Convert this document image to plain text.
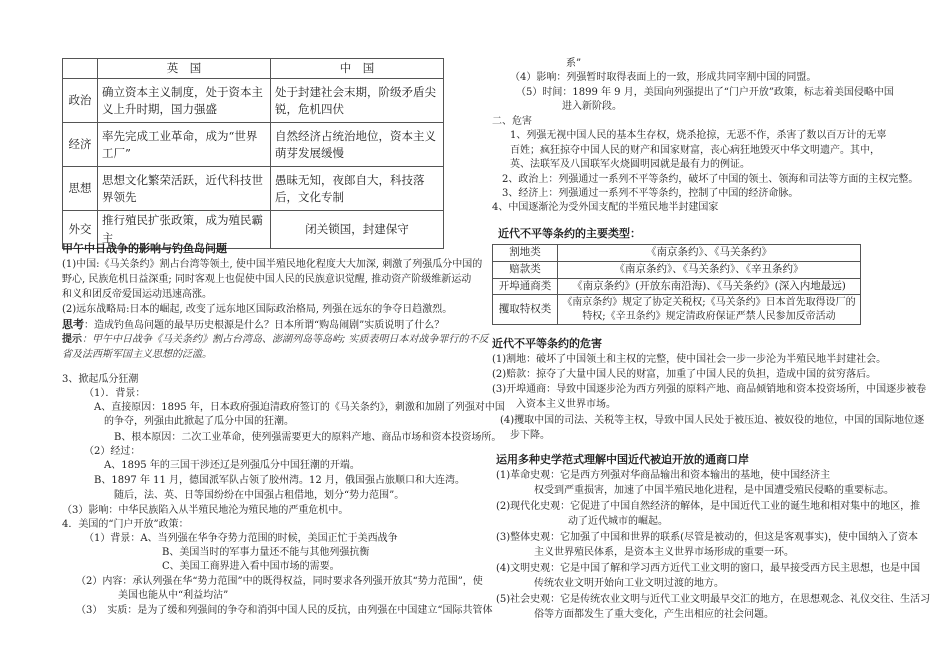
	英　国	中　国
政治	确立资本主义制度，处于资本主义上升时期，国力强盛	处于封建社会末期，阶级矛盾尖锐，危机四伏
经济	率先完成工业革命，成为“世界工厂”	自然经济占统治地位，资本主义萌芽发展缓慢
思想	思想文化繁荣活跃，近代科技世界领先	愚昧无知，夜郎自大，科技落后，文化专制
外交	推行殖民扩张政策，成为殖民霸主	闭关锁国，封建保守
甲午中日战争的影响与钓鱼岛问题
(1)中国:《马关条约》割占台湾等领土, 使中国半殖民地化程度大大加深, 刺激了列强瓜分中国的
野心, 民族危机日益深重; 同时客观上也促使中国人民的民族意识觉醒, 推动资产阶级维新运动
和义和团反帝爱国运动迅速高涨。
(2)远东战略局:日本的崛起, 改变了远东地区国际政治格局, 列强在远东的争夺日趋激烈。
思考：造成钓鱼岛问题的最早历史根源是什么？日本所谓“购岛闹剧”实质说明了什么？
提示：甲午中日战争《马关条约》割占台湾岛、澎湖列岛等岛屿; 实质表明日本对战争罪行的不反
省及法西斯军国主义思想的泛滥。
3、掀起瓜分狂潮
（1）．背景：
A、直接原因：1895 年，日本政府强迫清政府签订的《马关条约》，刺激和加剧了列强对中国
的争夺，列强由此掀起了瓜分中国的狂潮。
B、根本原因：二次工业革命，使列强需要更大的原料产地、商品市场和资本投资场所。
（2）经过：
A、1895 年的三国干涉还辽是列强瓜分中国狂潮的开端。
B、1897 年 11 月，德国派军队占领了胶州湾。12 月，俄国强占旅顺口和大连湾。
随后，法、英、日等国纷纷在中国强占租借地，划分“势力范围”。
（3）影响：中华民族陷入从半殖民地沦为殖民地的严重危机中。
4．美国的“门户开放”政策：
（1）背景：A、当列强在华争夺势力范围的时候，美国正忙于美西战争
B、美国当时的军事力量还不能与其他列强抗衡
C、美国工商界进入看中国市场的需要。
（2）内容：承认列强在华“势力范围”中的既得权益，同时要求各列强开放其“势力范围”，使
美国也能从中“利益均沾”
（3）　实质：是为了缓和列强间的争夺和消弭中国人民的反抗，由列强在中国建立“国际共管体
系”
（4）影响：列强暂时取得表面上的一致，形成共同宰割中国的同盟。
（5）时间：1899 年 9 月，美国向列强提出了“门户开放”政策，标志着美国侵略中国
进入新阶段。
二、危害
1、列强无视中国人民的基本生存权，烧杀抢掠，无恶不作，杀害了数以百万计的无辜
百姓；疯狂掠夺中国人民的财产和国家财富，丧心病狂地毁灭中华文明遗产。其中，
英、法联军及八国联军火烧圆明园就是最有力的例证。
2、政治上：列强通过一系列不平等条约，破坏了中国的领土、领海和司法等方面的主权完整。
3、经济上：列强通过一系列不平等条约，控制了中国的经济命脉。
4、中国逐渐沦为受外国支配的半殖民地半封建国家
近代不平等条约的主要类型：
割地类	《南京条约》、《马关条约》
赔款类	《南京条约》、《马关条约》、《辛丑条约》
开埠通商类	《南京条约》(开放东南沿海)、《马关条约》(深入内地最远)
攫取特权类	《南京条约》规定了协定关税权;《马关条约》日本首先取得设厂的特权;《辛丑条约》规定清政府保证严禁人民参加反帝活动
近代不平等条约的危害
(1)割地：破坏了中国领土和主权的完整，使中国社会一步一步沦为半殖民地半封建社会。
(2)赔款：掠夺了大量中国人民的财富，加重了中国人民的负担，造成中国的贫穷落后。
(3)开埠通商：导致中国逐步沦为西方列强的原料产地、商品倾销地和资本投资场所，中国逐步被卷
入资本主义世界市场。
(4)攫取中国的司法、关税等主权，导致中国人民处于被压迫、被奴役的地位，中国的国际地位逐
步下降。
运用多种史学范式理解中国近代被迫开放的通商口岸
(1)革命史观：它是西方列强对华商品输出和资本输出的基地，使中国经济主
权受到严重损害，加速了中国半殖民地化进程，是中国遭受殖民侵略的重要标志。
(2)现代化史观：它促进了中国自然经济的解体，是中国近代工业的诞生地和相对集中的地区，推
动了近代城市的崛起。
(3)整体史观：它加强了中国和世界的联系(尽管是被动的，但这是客观事实)，使中国纳入了资本
主义世界殖民体系，是资本主义世界市场形成的重要一环。
(4)文明史观：它是中国了解和学习西方近代工业文明的窗口，最早接受西方民主思想，也是中国
传统农业文明开始向工业文明过渡的地方。
(5)社会史观：它是传统农业文明与近代工业文明最早交汇的地方，在思想观念、礼仪交往、生活习
俗等方面都发生了重大变化，产生出相应的社会问题。
